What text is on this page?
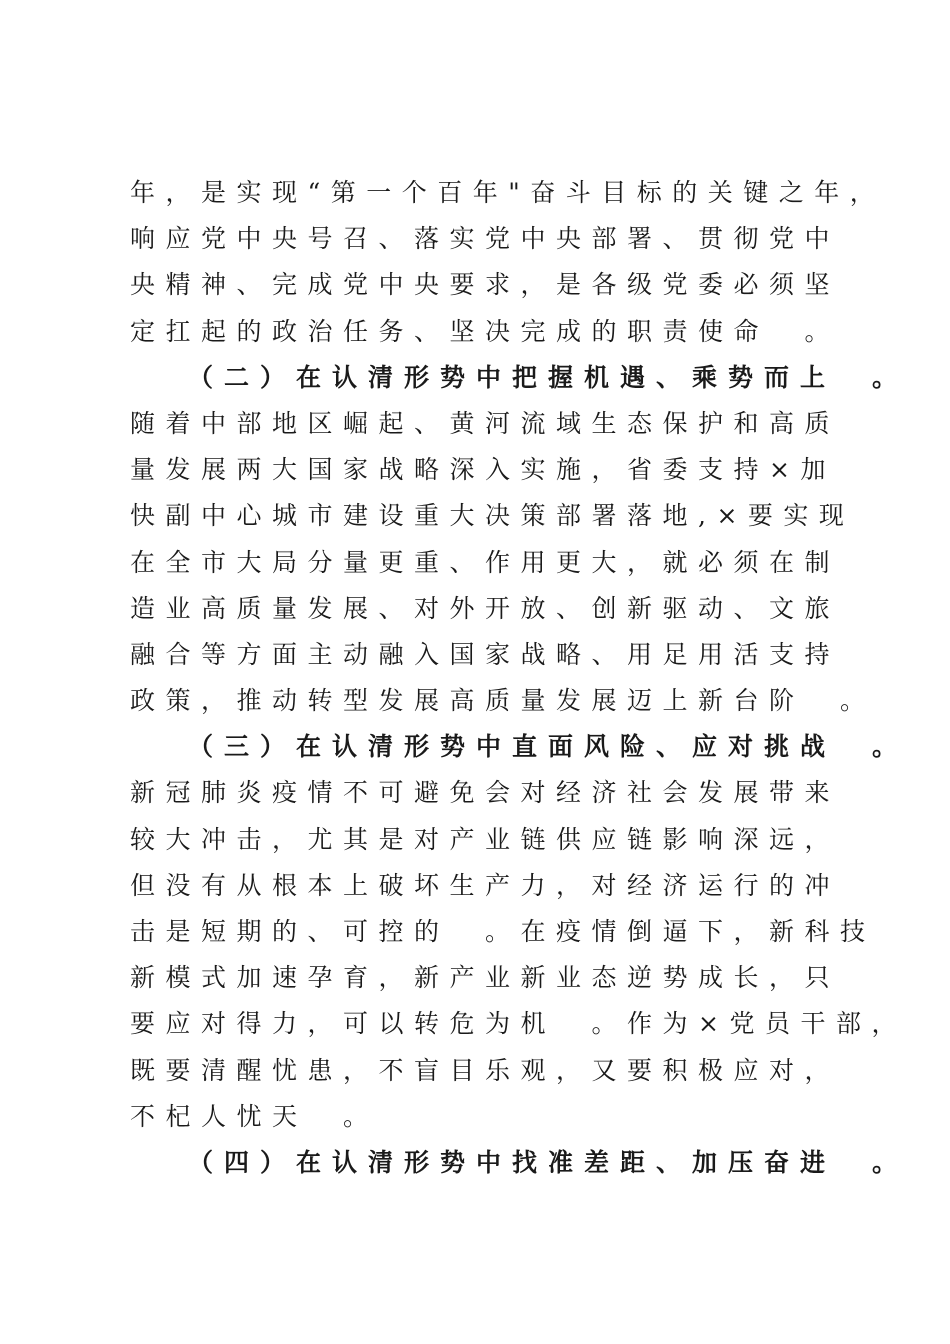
年，是实现“第一个百年"奋斗目标的关键之年，
响应党中央号召、落实党中央部署、贯彻党中
央精神、完成党中央要求，是各级党委必须坚
定扛起的政治任务、坚决完成的职责使命　。
（二）在认清形势中把握机遇、乘势而上　。
随着中部地区崛起、黄河流域生态保护和高质
量发展两大国家战略深入实施，省委支持×加
快副中心城市建设重大决策部署落地,×要实现
在全市大局分量更重、作用更大，就必须在制
造业高质量发展、对外开放、创新驱动、文旅
融合等方面主动融入国家战略、用足用活支持
政策，推动转型发展高质量发展迈上新台阶　。
（三）在认清形势中直面风险、应对挑战　。
新冠肺炎疫情不可避免会对经济社会发展带来
较大冲击，尤其是对产业链供应链影响深远，
但没有从根本上破坏生产力，对经济运行的冲
击是短期的、可控的　。在疫情倒逼下，新科技
新模式加速孕育，新产业新业态逆势成长，只
要应对得力，可以转危为机　。作为×党员干部，
既要清醒忧患，不盲目乐观，又要积极应对，
不杞人忧天　。
（四）在认清形势中找准差距、加压奋进　。
